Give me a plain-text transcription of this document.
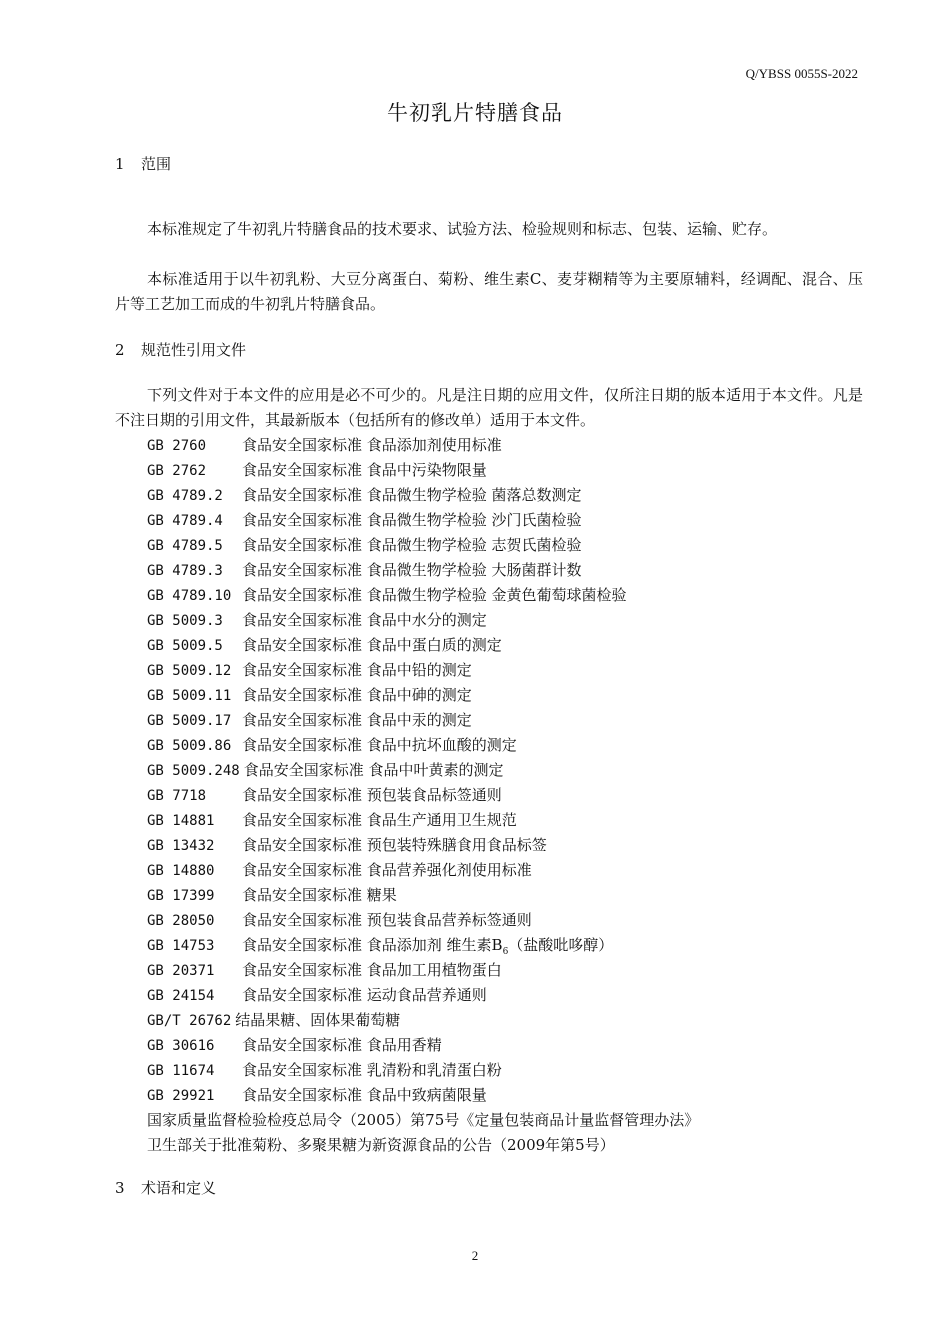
Q/YBSS 0055S-2022
牛初乳片特膳食品
1 范围
本标准规定了牛初乳片特膳食品的技术要求、试验方法、检验规则和标志、包装、运输、贮存。
本标准适用于以牛初乳粉、大豆分离蛋白、菊粉、维生素C、麦芽糊精等为主要原辅料，经调配、混合、压片等工艺加工而成的牛初乳片特膳食品。
2 规范性引用文件
下列文件对于本文件的应用是必不可少的。凡是注日期的应用文件，仅所注日期的版本适用于本文件。凡是不注日期的引用文件，其最新版本（包括所有的修改单）适用于本文件。
GB 2760 食品安全国家标准 食品添加剂使用标准
GB 2762 食品安全国家标准 食品中污染物限量
GB 4789.2 食品安全国家标准 食品微生物学检验 菌落总数测定
GB 4789.4 食品安全国家标准 食品微生物学检验 沙门氏菌检验
GB 4789.5 食品安全国家标准 食品微生物学检验 志贺氏菌检验
GB 4789.3 食品安全国家标准 食品微生物学检验 大肠菌群计数
GB 4789.10 食品安全国家标准 食品微生物学检验 金黄色葡萄球菌检验
GB 5009.3 食品安全国家标准 食品中水分的测定
GB 5009.5 食品安全国家标准 食品中蛋白质的测定
GB 5009.12 食品安全国家标准 食品中铅的测定
GB 5009.11 食品安全国家标准 食品中砷的测定
GB 5009.17 食品安全国家标准 食品中汞的测定
GB 5009.86 食品安全国家标准 食品中抗坏血酸的测定
GB 5009.248 食品安全国家标准 食品中叶黄素的测定
GB 7718 食品安全国家标准 预包装食品标签通则
GB 14881 食品安全国家标准 食品生产通用卫生规范
GB 13432 食品安全国家标准 预包装特殊膳食用食品标签
GB 14880 食品安全国家标准 食品营养强化剂使用标准
GB 17399 食品安全国家标准 糖果
GB 28050 食品安全国家标准 预包装食品营养标签通则
GB 14753 食品安全国家标准 食品添加剂 维生素$B_6$（盐酸吡哆醇）
GB 20371 食品安全国家标准 食品加工用植物蛋白
GB 24154 食品安全国家标准 运动食品营养通则
GB/T 26762 结晶果糖、固体果葡萄糖
GB 30616 食品安全国家标准 食品用香精
GB 11674 食品安全国家标准 乳清粉和乳清蛋白粉
GB 29921 食品安全国家标准 食品中致病菌限量
国家质量监督检验检疫总局令（2005）第75号《定量包装商品计量监督管理办法》
卫生部关于批准菊粉、多聚果糖为新资源食品的公告（2009年第5号）
3 术语和定义
2
